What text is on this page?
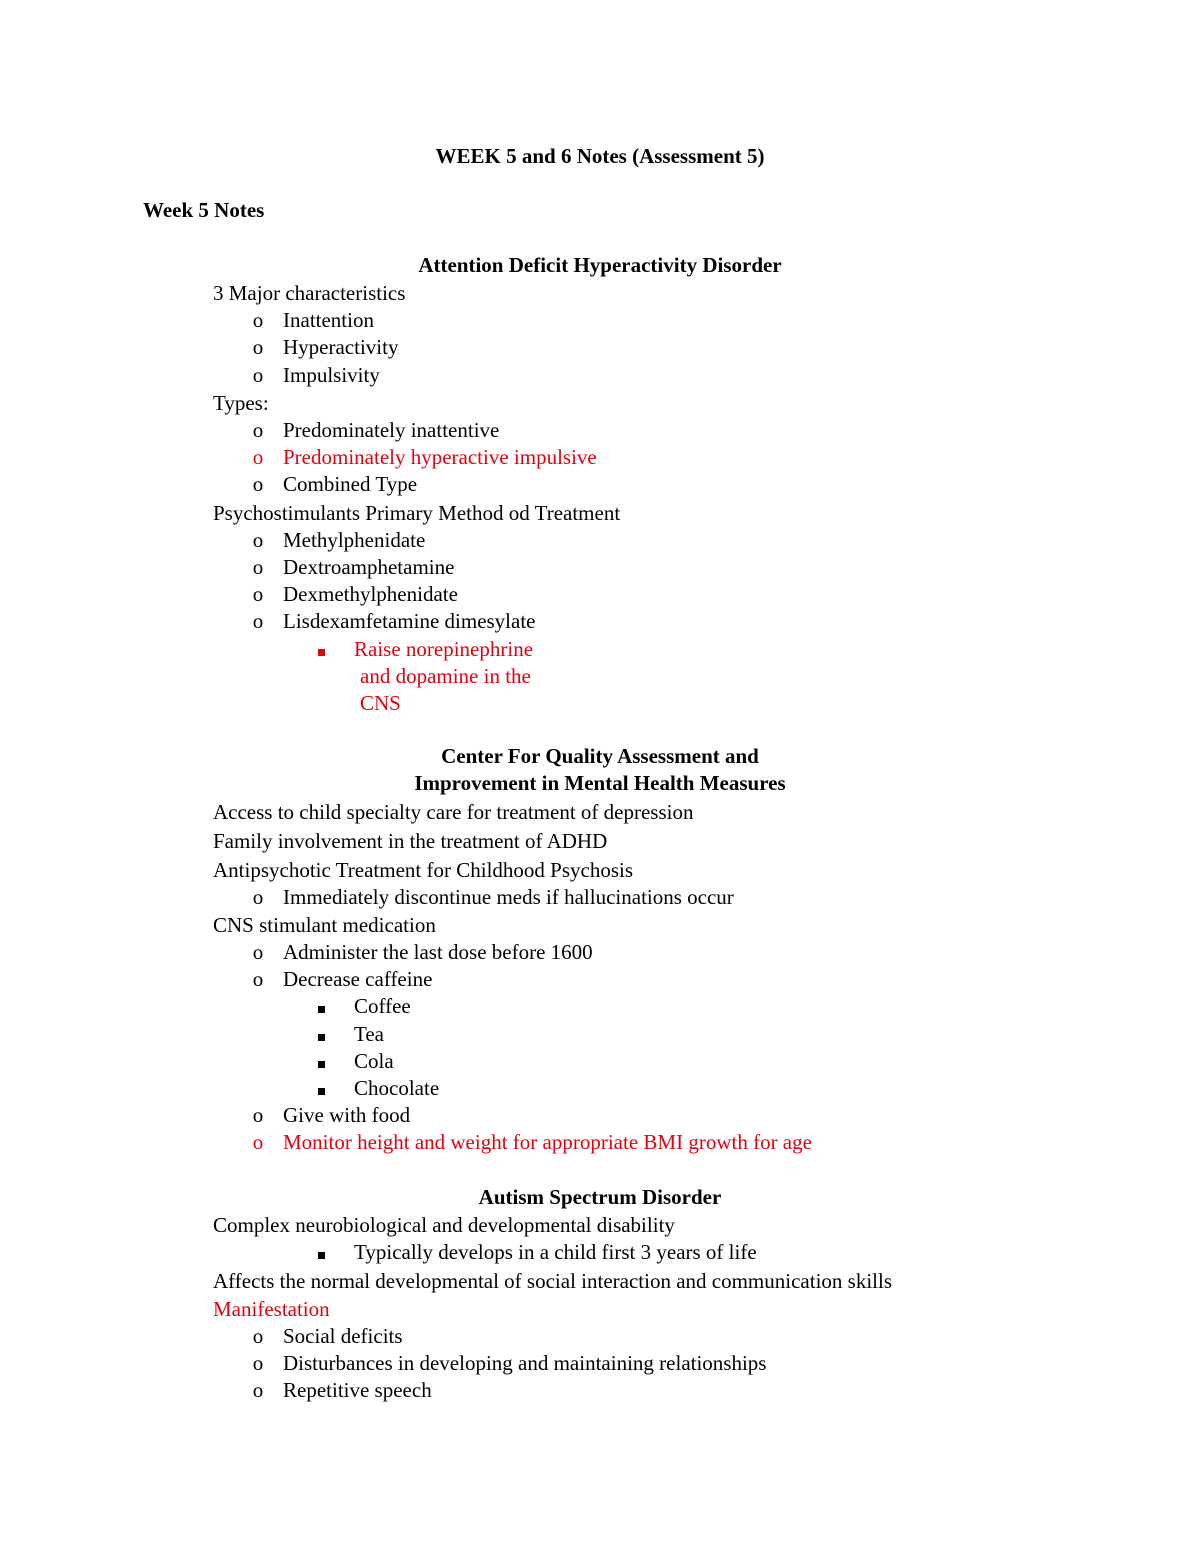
WEEK 5 and 6 Notes (Assessment 5)
Week 5 Notes
Attention Deficit Hyperactivity Disorder
3 Major characteristics
o Inattention
o Hyperactivity
o Impulsivity
Types:
o Predominately inattentive
o Predominately hyperactive impulsive
o Combined Type
Psychostimulants Primary Method od Treatment
o Methylphenidate
o Dextroamphetamine
o Dexmethylphenidate
o Lisdexamfetamine dimesylate
Raise norepinephrine
and dopamine in the
CNS
Center For Quality Assessment and
Improvement in Mental Health Measures
Access to child specialty care for treatment of depression
Family involvement in the treatment of ADHD
Antipsychotic Treatment for Childhood Psychosis
o Immediately discontinue meds if hallucinations occur
CNS stimulant medication
o Administer the last dose before 1600
o Decrease caffeine
Coffee
Tea
Cola
Chocolate
o Give with food
o Monitor height and weight for appropriate BMI growth for age
Autism Spectrum Disorder
Complex neurobiological and developmental disability
Typically develops in a child first 3 years of life
Affects the normal developmental of social interaction and communication skills
Manifestation
o Social deficits
o Disturbances in developing and maintaining relationships
o Repetitive speech
